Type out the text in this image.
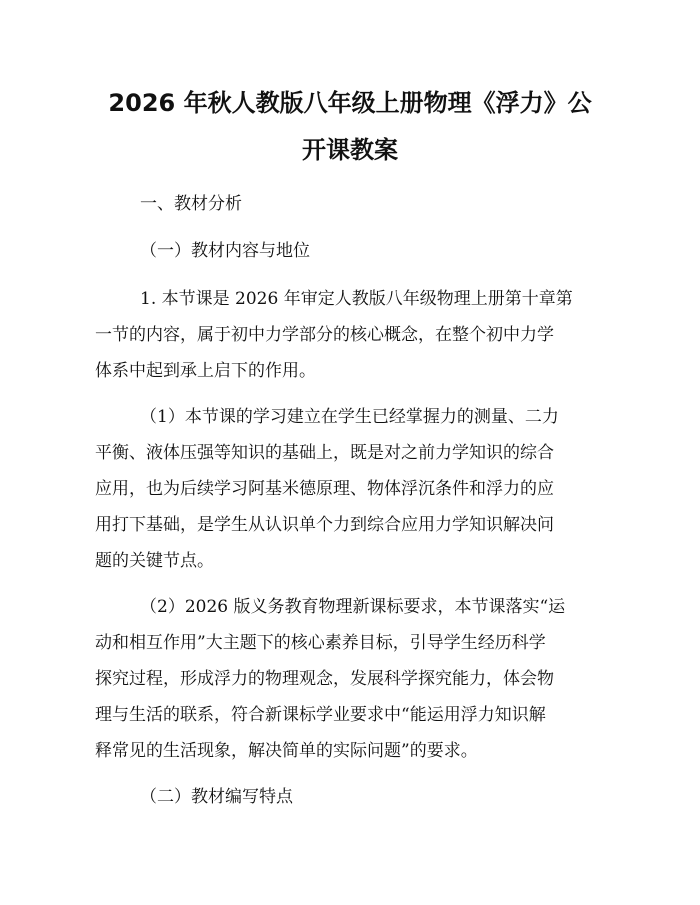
2026 年秋人教版八年级上册物理《浮力》公
开课教案

一、教材分析

（一）教材内容与地位

1. 本节课是 2026 年审定人教版八年级物理上册第十章第

一节的内容，属于初中力学部分的核心概念，在整个初中力学

体系中起到承上启下的作用。

（1）本节课的学习建立在学生已经掌握力的测量、二力

平衡、液体压强等知识的基础上，既是对之前力学知识的综合

应用，也为后续学习阿基米德原理、物体浮沉条件和浮力的应

用打下基础，是学生从认识单个力到综合应用力学知识解决问

题的关键节点。

（2）2026 版义务教育物理新课标要求，本节课落实“运

动和相互作用”大主题下的核心素养目标，引导学生经历科学

探究过程，形成浮力的物理观念，发展科学探究能力，体会物

理与生活的联系，符合新课标学业要求中“能运用浮力知识解

释常见的生活现象，解决简单的实际问题”的要求。

（二）教材编写特点
